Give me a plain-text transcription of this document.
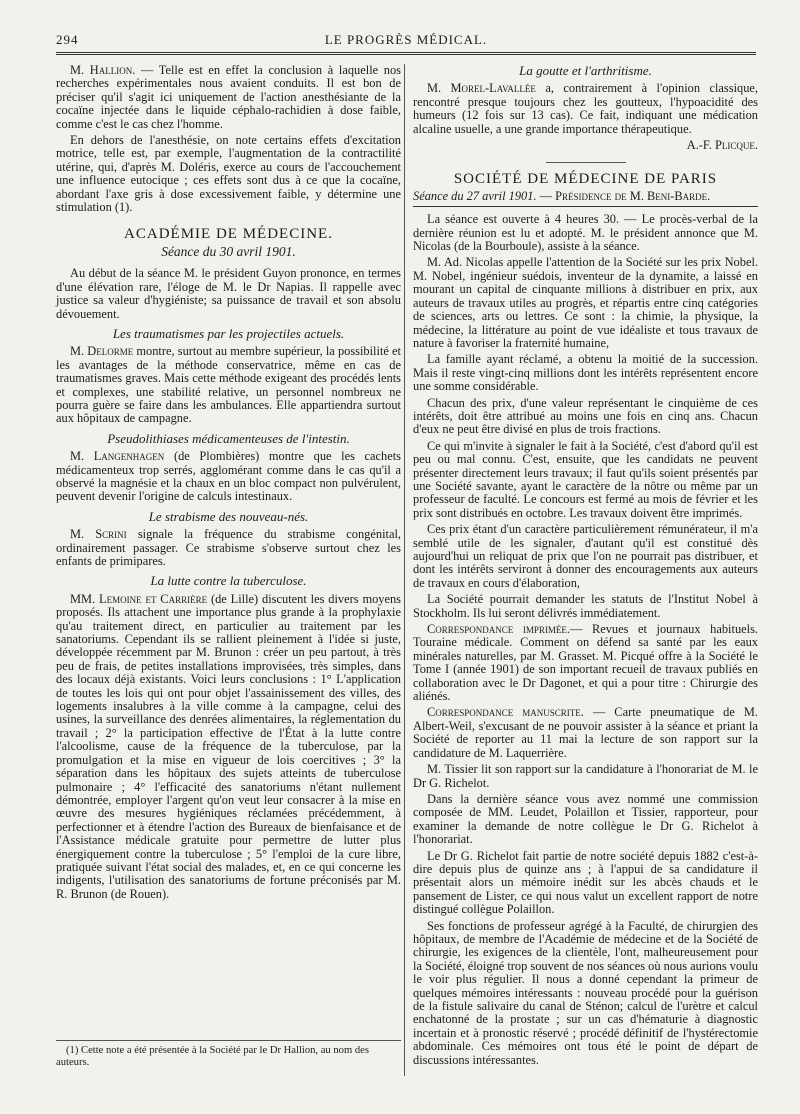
294	LE PROGRÈS MÉDICAL.

M. Hallion. — Telle est en effet la conclusion à laquelle nos recherches expérimentales nous avaient conduits. Il est bon de préciser qu'il s'agit ici uniquement de l'action anesthésiante de la cocaïne injectée dans le liquide céphalo-rachidien à dose faible, comme c'est le cas chez l'homme.

En dehors de l'anesthésie, on note certains effets d'excitation motrice, telle est, par exemple, l'augmentation de la contractilité utérine, qui, d'après M. Doléris, exerce au cours de l'accouchement une influence eutocique ; ces effets sont dus à ce que la cocaïne, abordant l'axe gris à dose excessivement faible, y détermine une stimulation (1).

ACADÉMIE DE MÉDECINE.
Séance du 30 avril 1901.

Au début de la séance M. le président Guyon prononce, en termes d'une élévation rare, l'éloge de M. le Dr Napias. Il rappelle avec justice sa valeur d'hygiéniste; sa puissance de travail et son absolu dévouement.

Les traumatismes par les projectiles actuels.

M. Delorme montre, surtout au membre supérieur, la possibilité et les avantages de la méthode conservatrice, même en cas de traumatismes graves. Mais cette méthode exigeant des procédés lents et complexes, une stabilité relative, un personnel nombreux ne pourra guère se faire dans les ambulances. Elle appartiendra surtout aux hôpitaux de campagne.

Pseudolithiases médicamenteuses de l'intestin.

M. Langenhagen (de Plombières) montre que les cachets médicamenteux trop serrés, agglomérant comme dans le cas qu'il a observé la magnésie et la chaux en un bloc compact non pulvérulent, peuvent devenir l'origine de calculs intestinaux.

Le strabisme des nouveau-nés.

M. Scrini signale la fréquence du strabisme congénital, ordinairement passager. Ce strabisme s'observe surtout chez les enfants de primipares.

La lutte contre la tuberculose.

MM. Lemoine et Carrière (de Lille) discutent les divers moyens proposés. Ils attachent une importance plus grande à la prophylaxie qu'au traitement direct, en particulier au traitement par les sanatoriums. Cependant ils se rallient pleinement à l'idée si juste, développée récemment par M. Brunon : créer un peu partout, à très peu de frais, de petites installations improvisées, très simples, dans des locaux déjà existants. Voici leurs conclusions : 1° L'application de toutes les lois qui ont pour objet l'assainissement des villes, des logements insalubres à la ville comme à la campagne, celui des usines, la surveillance des denrées alimentaires, la réglementation du travail ; 2° la participation effective de l'État à la lutte contre l'alcoolisme, cause de la fréquence de la tuberculose, par la promulgation et la mise en vigueur de lois coercitives ; 3° la séparation dans les hôpitaux des sujets atteints de tuberculose pulmonaire ; 4° l'efficacité des sanatoriums n'étant nullement démontrée, employer l'argent qu'on veut leur consacrer à la mise en œuvre des mesures hygiéniques réclamées précédemment, à perfectionner et à étendre l'action des Bureaux de bienfaisance et de l'Assistance médicale gratuite pour permettre de lutter plus énergiquement contre la tuberculose ; 5° l'emploi de la cure libre, pratiquée suivant l'état social des malades, et, en ce qui concerne les indigents, l'utilisation des sanatoriums de fortune préconisés par M. R. Brunon (de Rouen).

La goutte et l'arthritisme.

M. Morel-Lavallée a, contrairement à l'opinion classique, rencontré presque toujours chez les goutteux, l'hypoacidité des humeurs (12 fois sur 13 cas). Ce fait, indiquant une médication alcaline usuelle, a une grande importance thérapeutique.

A.-F. Plicque.
SOCIÉTÉ DE MÉDECINE DE PARIS

Séance du 27 avril 1901. — Présidence de M. Beni-Barde.

La séance est ouverte à 4 heures 30. — Le procès-verbal de la dernière réunion est lu et adopté. M. le président annonce que M. Nicolas (de la Bourboule), assiste à la séance.

M. Ad. Nicolas appelle l'attention de la Société sur les prix Nobel. M. Nobel, ingénieur suédois, inventeur de la dynamite, a laissé en mourant un capital de cinquante millions à distribuer en prix, aux auteurs de travaux utiles au progrès, et répartis entre cinq catégories de sciences, arts ou lettres. Ce sont : la chimie, la physique, la médecine, la littérature au point de vue idéaliste et tous travaux de nature à favoriser la fraternité humaine,

La famille ayant réclamé, a obtenu la moitié de la succession. Mais il reste vingt-cinq millions dont les intérêts représentent encore une somme considérable.

Chacun des prix, d'une valeur représentant le cinquième de ces intérêts, doit être attribué au moins une fois en cinq ans. Chacun d'eux ne peut être divisé en plus de trois fractions.

Ce qui m'invite à signaler le fait à la Société, c'est d'abord qu'il est peu ou mal connu. C'est, ensuite, que les candidats ne peuvent présenter directement leurs travaux; il faut qu'ils soient présentés par une Société savante, ayant le caractère de la nôtre ou même par un professeur de faculté. Le concours est fermé au mois de février et les prix sont distribués en octobre. Les travaux doivent être imprimés.

Ces prix étant d'un caractère particulièrement rémunérateur, il m'a semblé utile de les signaler, d'autant qu'il est constitué dès aujourd'hui un reliquat de prix que l'on ne pourrait pas distribuer, et dont les intérêts serviront à donner des encouragements aux auteurs de travaux en cours d'élaboration,

La Société pourrait demander les statuts de l'Institut Nobel à Stockholm. Ils lui seront délivrés immédiatement.

Correspondance imprimée.— Revues et journaux habituels. Touraine médicale. Comment on défend sa santé par les eaux minérales naturelles, par M. Grasset. M. Picqué offre à la Société le Tome I (année 1901) de son important recueil de travaux publiés en collaboration avec le Dr Dagonet, et qui a pour titre : Chirurgie des aliénés.

Correspondance manuscrite. — Carte pneumatique de M. Albert-Weil, s'excusant de ne pouvoir assister à la séance et priant la Société de reporter au 11 mai la lecture de son rapport sur la candidature de M. Laquerrière.

M. Tissier lit son rapport sur la candidature à l'honorariat de M. le Dr G. Richelot.

Dans la dernière séance vous avez nommé une commission composée de MM. Leudet, Polaillon et Tissier, rapporteur, pour examiner la demande de notre collègue le Dr G. Richelot à l'honorariat.

Le Dr G. Richelot fait partie de notre société depuis 1882 c'est-à-dire depuis plus de quinze ans ; à l'appui de sa candidature il présentait alors un mémoire inédit sur les abcès chauds et le pansement de Lister, ce qui nous valut un excellent rapport de notre distingué collègue Polaillon.

Ses fonctions de professeur agrégé à la Faculté, de chirurgien des hôpitaux, de membre de l'Académie de médecine et de la Société de chirurgie, les exigences de la clientèle, l'ont, malheureusement pour la Société, éloigné trop souvent de nos séances où nous aurions voulu le voir plus régulier. Il nous a donné cependant la primeur de quelques mémoires intéressants : nouveau procédé pour la guérison de la fistule salivaire du canal de Sténon; calcul de l'urètre et calcul enchatonné de la prostate ; sur un cas d'hématurie à diagnostic incertain et à pronostic réservé ; procédé définitif de l'hystérectomie abdominale. Ces mémoires ont tous été le point de départ de discussions intéressantes.

(1) Cette note a été présentée à la Société par le Dr Hallion, au nom des auteurs.
